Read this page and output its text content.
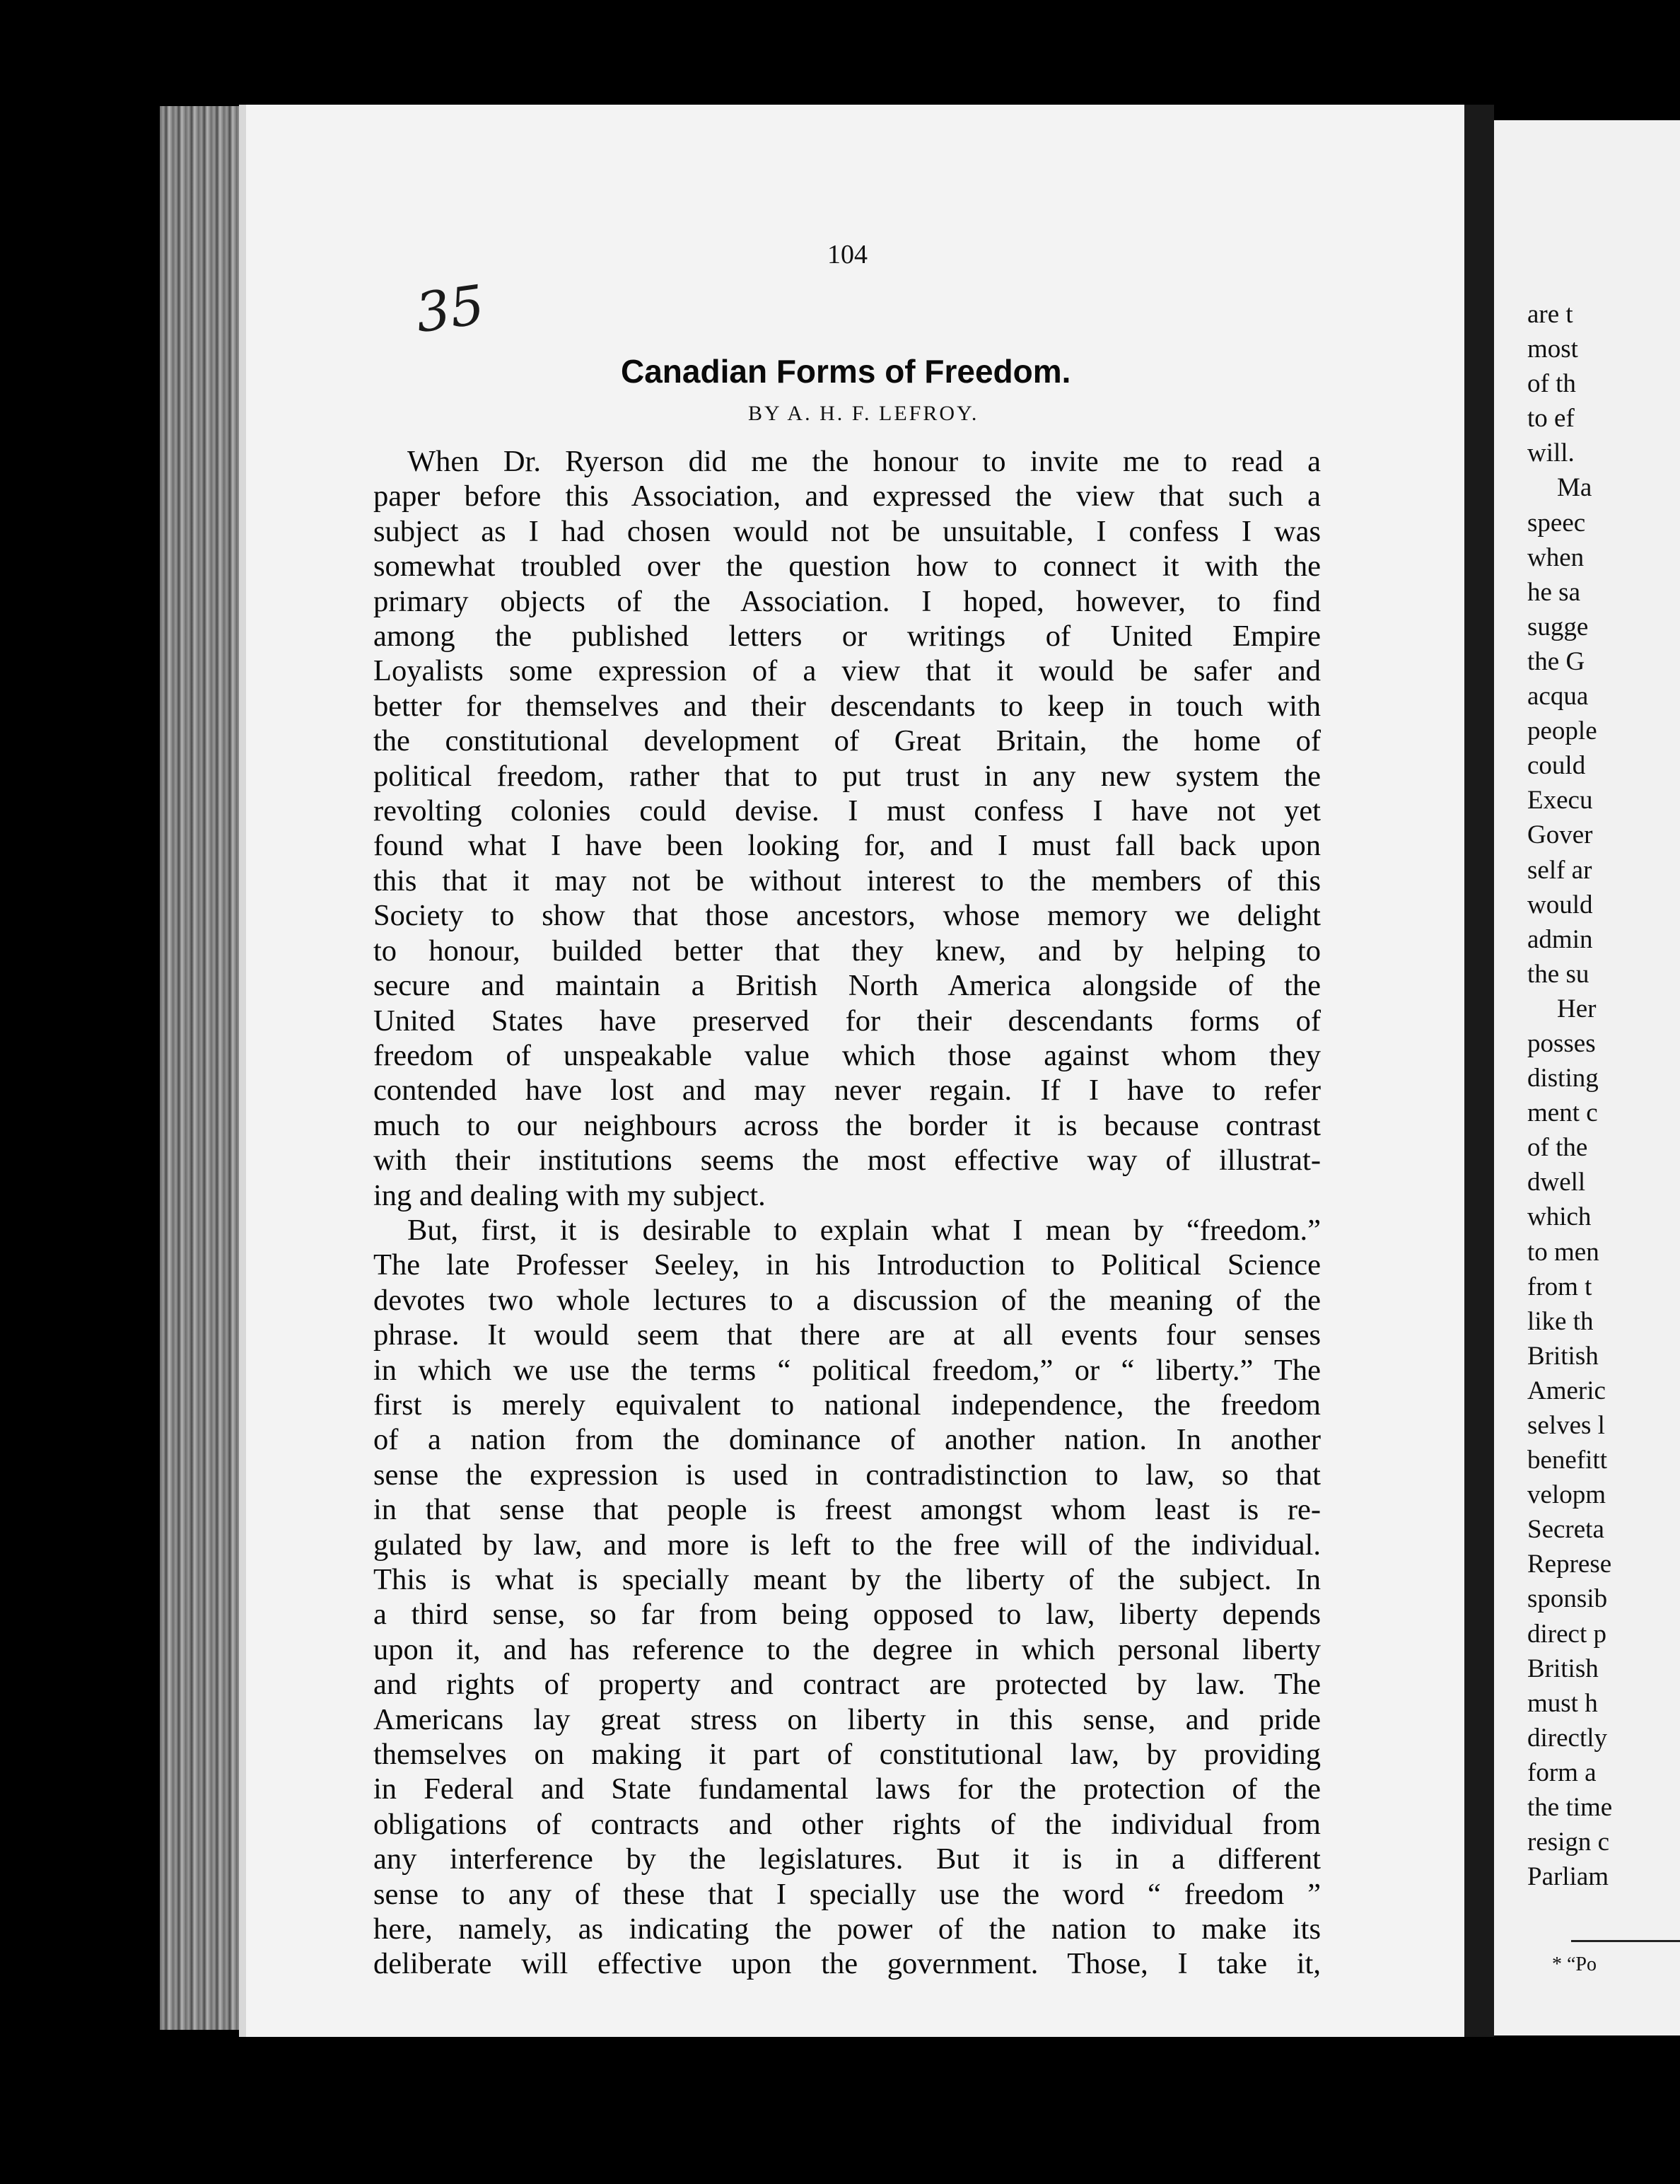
104
35
Canadian Forms of Freedom.
BY A. H. F. LEFROY.
When Dr. Ryerson did me the honour to invite me to read a
paper before this Association, and expressed the view that such a
subject as I had chosen would not be unsuitable, I confess I was
somewhat troubled over the question how to connect it with the
primary objects of the Association. I hoped, however, to find
among the published letters or writings of United Empire
Loyalists some expression of a view that it would be safer and
better for themselves and their descendants to keep in touch with
the constitutional development of Great Britain, the home of
political freedom, rather that to put trust in any new system the
revolting colonies could devise. I must confess I have not yet
found what I have been looking for, and I must fall back upon
this that it may not be without interest to the members of this
Society to show that those ancestors, whose memory we delight
to honour, builded better that they knew, and by helping to
secure and maintain a British North America alongside of the
United States have preserved for their descendants forms of
freedom of unspeakable value which those against whom they
contended have lost and may never regain. If I have to refer
much to our neighbours across the border it is because contrast
with their institutions seems the most effective way of illustrat-
ing and dealing with my subject.
But, first, it is desirable to explain what I mean by “freedom.”
The late Professer Seeley, in his Introduction to Political Science
devotes two whole lectures to a discussion of the meaning of the
phrase. It would seem that there are at all events four senses
in which we use the terms “ political freedom,” or “ liberty.” The
first is merely equivalent to national independence, the freedom
of a nation from the dominance of another nation. In another
sense the expression is used in contradistinction to law, so that
in that sense that people is freest amongst whom least is re-
gulated by law, and more is left to the free will of the individual.
This is what is specially meant by the liberty of the subject. In
a third sense, so far from being opposed to law, liberty depends
upon it, and has reference to the degree in which personal liberty
and rights of property and contract are protected by law. The
Americans lay great stress on liberty in this sense, and pride
themselves on making it part of constitutional law, by providing
in Federal and State fundamental laws for the protection of the
obligations of contracts and other rights of the individual from
any interference by the legislatures. But it is in a different
sense to any of these that I specially use the word “ freedom ”
here, namely, as indicating the power of the nation to make its
deliberate will effective upon the government. Those, I take it,
are t
most
of th
to ef
will.
Ma
speec
when
he sa
sugge
the G
acqua
people
could
Execu
Gover
self ar
would
admin
the su
Her
posses
disting
ment c
of the
dwell
which
to men
from t
like th
British
Americ
selves l
benefitt
velopm
Secreta
Represe
sponsib
direct p
British
must h
directly
form a
the time
resign c
Parliam
* “Po
